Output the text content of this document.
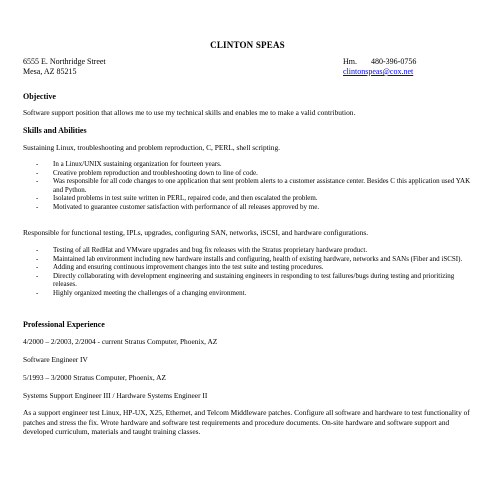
CLINTON SPEAS
6555 E. Northridge Street
Mesa, AZ 85215
Hm. 480-396-0756
clintonspeas@cox.net
Objective
Software support position that allows me to use my technical skills and enables me to make a valid contribution.
Skills and Abilities
Sustaining Linux, troubleshooting and problem reproduction, C, PERL, shell scripting.
- In a Linux/UNIX sustaining organization for fourteen years.
- Creative problem reproduction and troubleshooting down to line of code.
- Was responsible for all code changes to one application that sent problem alerts to a customer assistance center. Besides C this application used YAK and Python.
- Isolated problems in test suite written in PERL, repaired code, and then escalated the problem.
- Motivated to guarantee customer satisfaction with performance of all releases approved by me.
Responsible for functional testing, IPLs, upgrades, configuring SAN, networks, iSCSI, and hardware configurations.
- Testing of all RedHat and VMware upgrades and bug fix releases with the Stratus proprietary hardware product.
- Maintained lab environment including new hardware installs and configuring, health of existing hardware, networks and SANs (Fiber and iSCSI).
- Adding and ensuring continuous improvement changes into the test suite and testing procedures.
- Directly collaborating with development engineering and sustaining engineers in responding to test failures/bugs during testing and prioritizing releases.
- Highly organized meeting the challenges of a changing environment.
Professional Experience
4/2000 – 2/2003, 2/2004 - current Stratus Computer, Phoenix, AZ
Software Engineer IV
5/1993 – 3/2000 Stratus Computer, Phoenix, AZ
Systems Support Engineer III / Hardware Systems Engineer II
As a support engineer test Linux, HP-UX, X25, Ethernet, and Telcom Middleware patches. Configure all software and hardware to test functionality of patches and stress the fix. Wrote hardware and software test requirements and procedure documents. On-site hardware and software support and developed curriculum, materials and taught training classes.
